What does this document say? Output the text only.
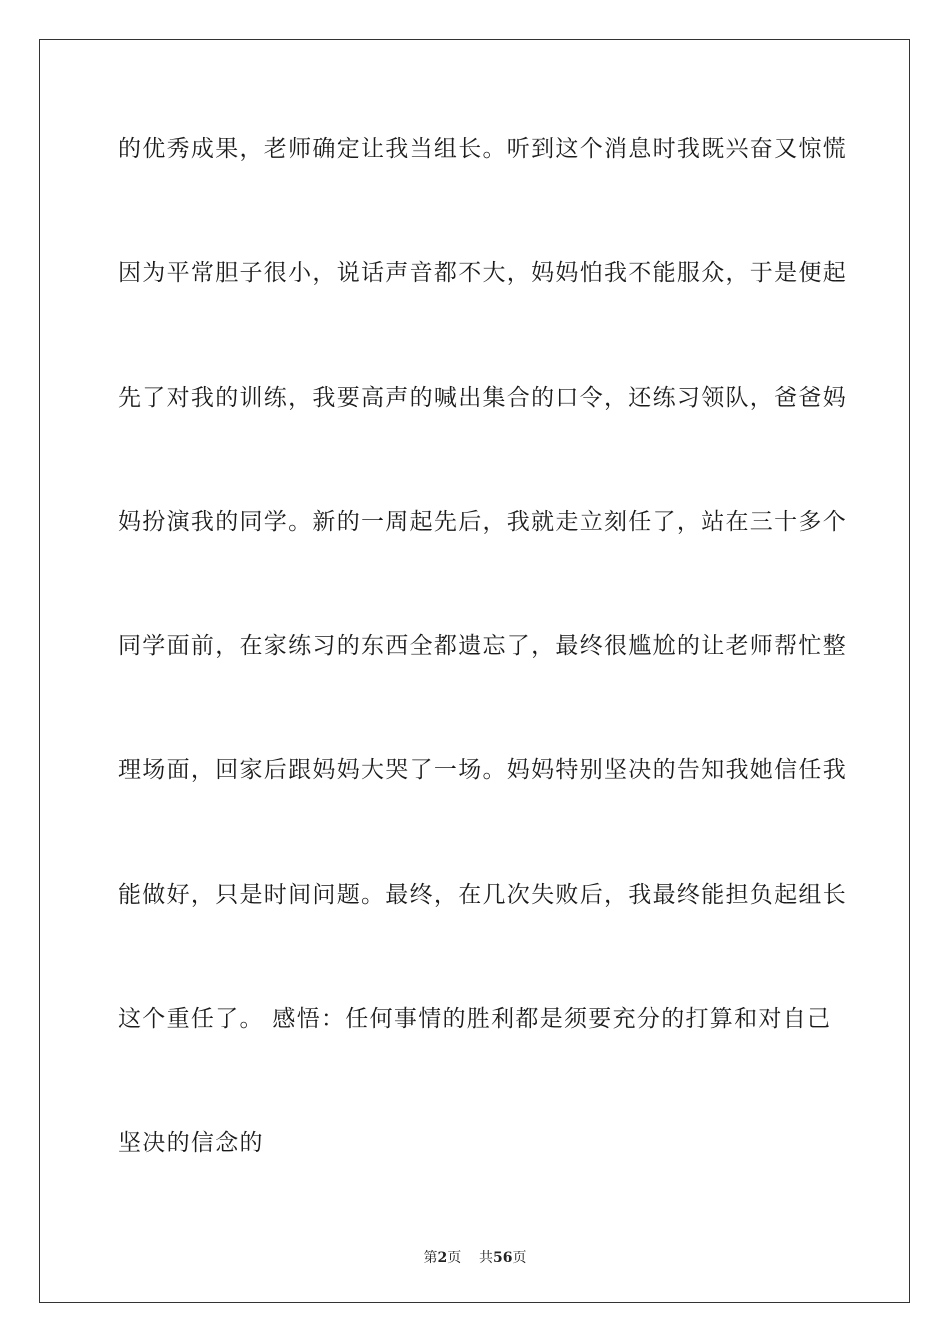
的优秀成果，老师确定让我当组长。听到这个消息时我既兴奋又惊慌
因为平常胆子很小，说话声音都不大，妈妈怕我不能服众，于是便起
先了对我的训练，我要高声的喊出集合的口令，还练习领队，爸爸妈
妈扮演我的同学。新的一周起先后，我就走立刻任了，站在三十多个
同学面前，在家练习的东西全都遗忘了，最终很尴尬的让老师帮忙整
理场面，回家后跟妈妈大哭了一场。妈妈特别坚决的告知我她信任我
能做好，只是时间问题。最终，在几次失败后，我最终能担负起组长
这个重任了。 感悟：任何事情的胜利都是须要充分的打算和对自己
坚决的信念的
第2页 共56页
